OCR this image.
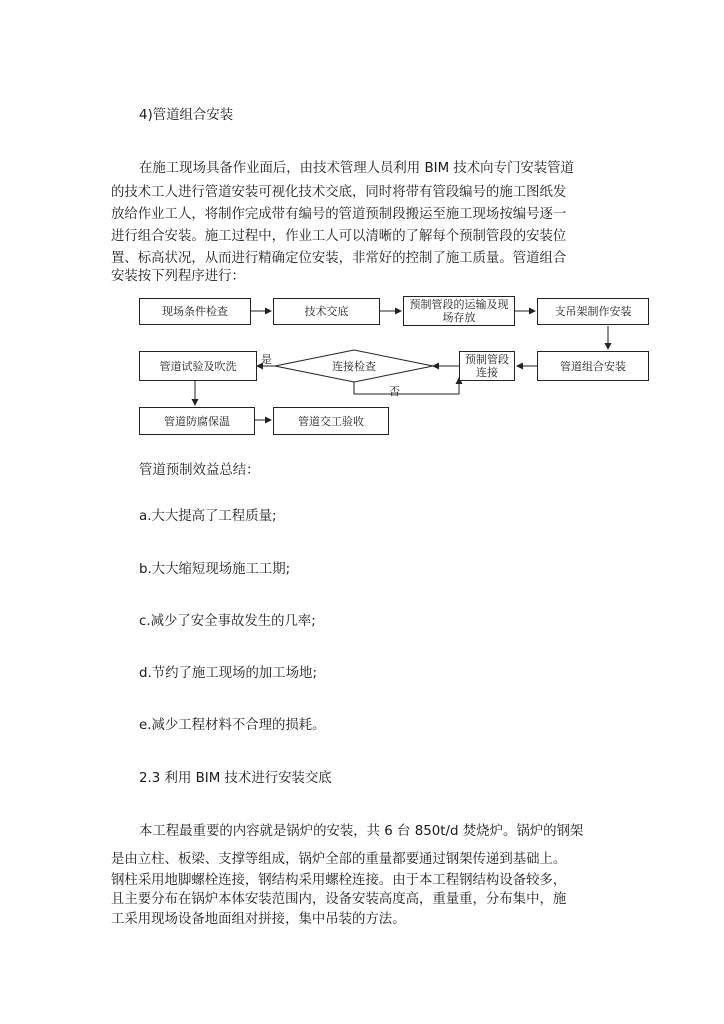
4)管道组合安装
在施工现场具备作业面后，由技术管理人员利用 BIM 技术向专门安装管道
的技术工人进行管道安装可视化技术交底，同时将带有管段编号的施工图纸发
放给作业工人，将制作完成带有编号的管道预制段搬运至施工现场按编号逐一
进行组合安装。施工过程中，作业工人可以清晰的了解每个预制管段的安装位
置、标高状况，从而进行精确定位安装，非常好的控制了施工质量。管道组合
安装按下列程序进行：
现场条件检查	技术交底
预制管段的运输及现场存放	支吊架制作安装
管道组合安装
连接检查
管道试验及吹洗
管道防腐保温	管道交工验收
是
否
预制管段连接
管道预制效益总结：
a.大大提高了工程质量;
b.大大缩短现场施工工期;
c.减少了安全事故发生的几率;
d.节约了施工现场的加工场地;
e.减少工程材料不合理的损耗。
2.3 利用 BIM 技术进行安装交底
本工程最重要的内容就是锅炉的安装，共 6 台 850t/d 焚烧炉。锅炉的钢架
是由立柱、板梁、支撑等组成，锅炉全部的重量都要通过钢架传递到基础上。
钢柱采用地脚螺栓连接，钢结构采用螺栓连接。由于本工程钢结构设备较多，
且主要分布在锅炉本体安装范围内，设备安装高度高，重量重，分布集中，施
工采用现场设备地面组对拼接，集中吊装的方法。
